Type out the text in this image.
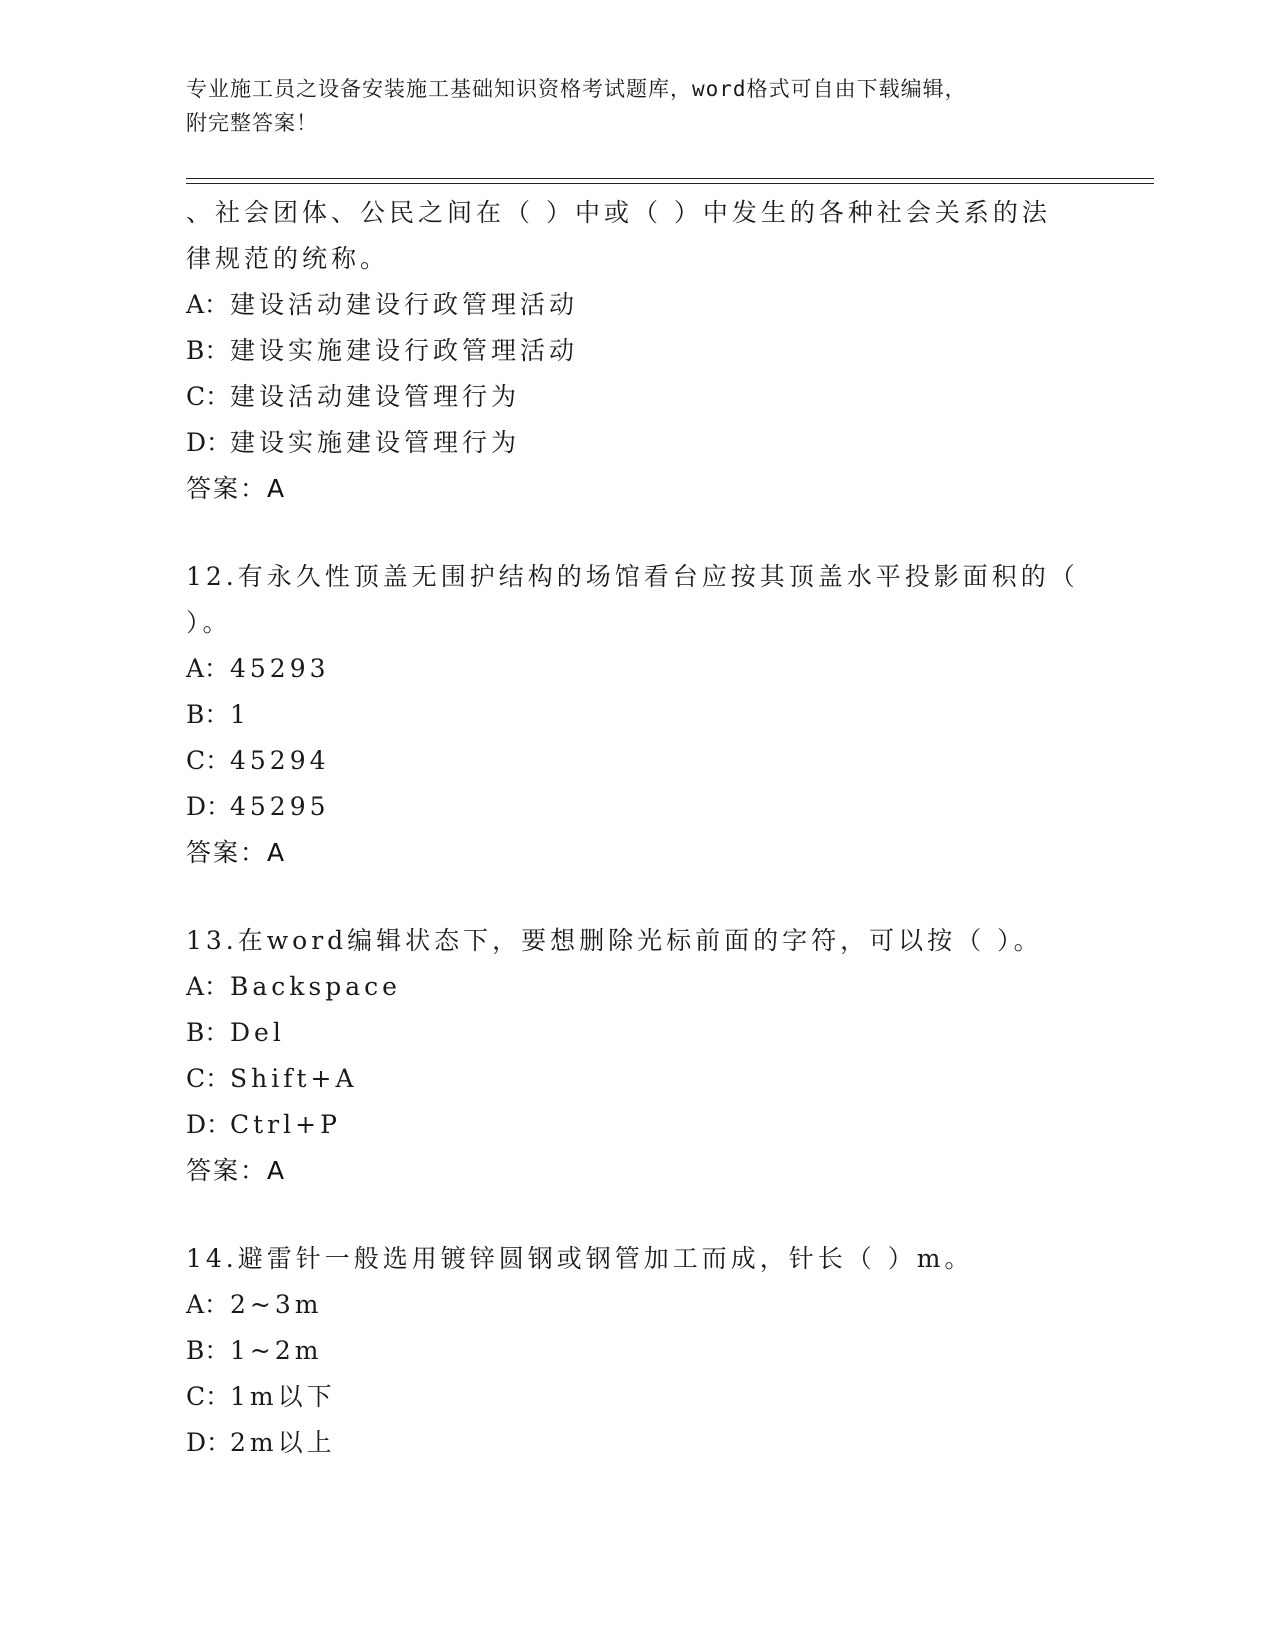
专业施工员之设备安装施工基础知识资格考试题库，word格式可自由下载编辑，
附完整答案！
、社会团体、公民之间在（ ）中或（ ）中发生的各种社会关系的法
律规范的统称。
A：建设活动建设行政管理活动
B：建设实施建设行政管理活动
C：建设活动建设管理行为
D：建设实施建设管理行为
答案：A
12.有永久性顶盖无围护结构的场馆看台应按其顶盖水平投影面积的（
）。
A：45293
B：1
C：45294
D：45295
答案：A
13.在word编辑状态下，要想删除光标前面的字符，可以按（ ）。
A：Backspace
B：Del
C：Shift+A
D：Ctrl+P
答案：A
14.避雷针一般选用镀锌圆钢或钢管加工而成，针长（ ）m。
A：2~3m
B：1~2m
C：1m以下
D：2m以上
